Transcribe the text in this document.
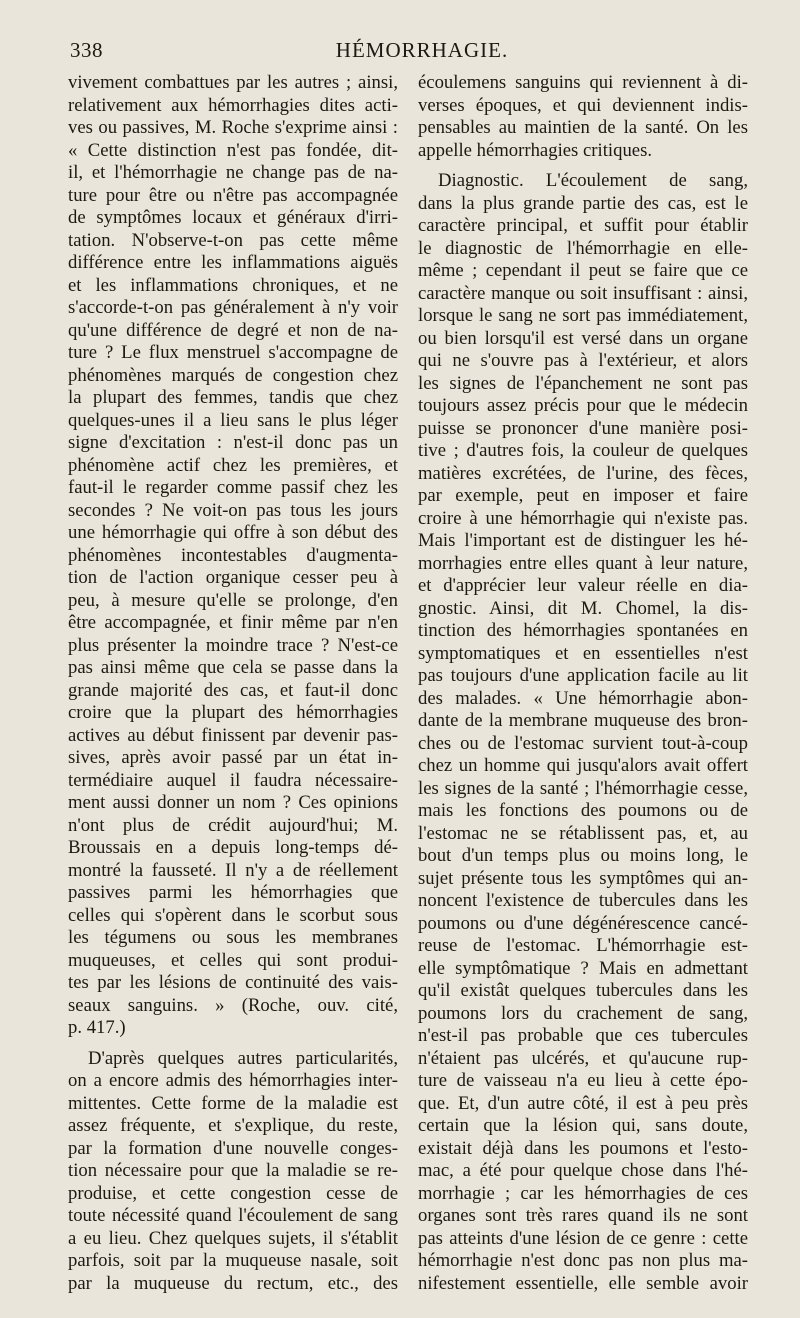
338	HÉMORRHAGIE.
vivement combattues par les autres ; ainsi,
relativement aux hémorrhagies dites acti-
ves ou passives, M. Roche s'exprime ainsi :
« Cette distinction n'est pas fondée, dit-
il, et l'hémorrhagie ne change pas de na-
ture pour être ou n'être pas accompagnée
de symptômes locaux et généraux d'irri-
tation. N'observe-t-on pas cette même
différence entre les inflammations aiguës
et les inflammations chroniques, et ne
s'accorde-t-on pas généralement à n'y voir
qu'une différence de degré et non de na-
ture ? Le flux menstruel s'accompagne de
phénomènes marqués de congestion chez
la plupart des femmes, tandis que chez
quelques-unes il a lieu sans le plus léger
signe d'excitation : n'est-il donc pas un
phénomène actif chez les premières, et
faut-il le regarder comme passif chez les
secondes ? Ne voit-on pas tous les jours
une hémorrhagie qui offre à son début des
phénomènes incontestables d'augmenta-
tion de l'action organique cesser peu à
peu, à mesure qu'elle se prolonge, d'en
être accompagnée, et finir même par n'en
plus présenter la moindre trace ? N'est-ce
pas ainsi même que cela se passe dans la
grande majorité des cas, et faut-il donc
croire que la plupart des hémorrhagies
actives au début finissent par devenir pas-
sives, après avoir passé par un état in-
termédiaire auquel il faudra nécessaire-
ment aussi donner un nom ? Ces opinions
n'ont plus de crédit aujourd'hui; M.
Broussais en a depuis long-temps dé-
montré la fausseté. Il n'y a de réellement
passives parmi les hémorrhagies que
celles qui s'opèrent dans le scorbut sous
les tégumens ou sous les membranes
muqueuses, et celles qui sont produi-
tes par les lésions de continuité des vais-
seaux sanguins. » (Roche, ouv. cité,
p. 417.)
D'après quelques autres particularités,
on a encore admis des hémorrhagies inter-
mittentes. Cette forme de la maladie est
assez fréquente, et s'explique, du reste,
par la formation d'une nouvelle conges-
tion nécessaire pour que la maladie se re-
produise, et cette congestion cesse de
toute nécessité quand l'écoulement de sang
a eu lieu. Chez quelques sujets, il s'établit
parfois, soit par la muqueuse nasale, soit
par la muqueuse du rectum, etc., des
écoulemens sanguins qui reviennent à di-
verses époques, et qui deviennent indis-
pensables au maintien de la santé. On les
appelle hémorrhagies critiques.
Diagnostic. L'écoulement de sang,
dans la plus grande partie des cas, est le
caractère principal, et suffit pour établir
le diagnostic de l'hémorrhagie en elle-
même ; cependant il peut se faire que ce
caractère manque ou soit insuffisant : ainsi,
lorsque le sang ne sort pas immédiatement,
ou bien lorsqu'il est versé dans un organe
qui ne s'ouvre pas à l'extérieur, et alors
les signes de l'épanchement ne sont pas
toujours assez précis pour que le médecin
puisse se prononcer d'une manière posi-
tive ; d'autres fois, la couleur de quelques
matières excrétées, de l'urine, des fèces,
par exemple, peut en imposer et faire
croire à une hémorrhagie qui n'existe pas.
Mais l'important est de distinguer les hé-
morrhagies entre elles quant à leur nature,
et d'apprécier leur valeur réelle en dia-
gnostic. Ainsi, dit M. Chomel, la dis-
tinction des hémorrhagies spontanées en
symptomatiques et en essentielles n'est
pas toujours d'une application facile au lit
des malades. « Une hémorrhagie abon-
dante de la membrane muqueuse des bron-
ches ou de l'estomac survient tout-à-coup
chez un homme qui jusqu'alors avait offert
les signes de la santé ; l'hémorrhagie cesse,
mais les fonctions des poumons ou de
l'estomac ne se rétablissent pas, et, au
bout d'un temps plus ou moins long, le
sujet présente tous les symptômes qui an-
noncent l'existence de tubercules dans les
poumons ou d'une dégénérescence cancé-
reuse de l'estomac. L'hémorrhagie est-
elle symptômatique ? Mais en admettant
qu'il existât quelques tubercules dans les
poumons lors du crachement de sang,
n'est-il pas probable que ces tubercules
n'étaient pas ulcérés, et qu'aucune rup-
ture de vaisseau n'a eu lieu à cette épo-
que. Et, d'un autre côté, il est à peu près
certain que la lésion qui, sans doute,
existait déjà dans les poumons et l'esto-
mac, a été pour quelque chose dans l'hé-
morrhagie ; car les hémorrhagies de ces
organes sont très rares quand ils ne sont
pas atteints d'une lésion de ce genre : cette
hémorrhagie n'est donc pas non plus ma-
nifestement essentielle, elle semble avoir
